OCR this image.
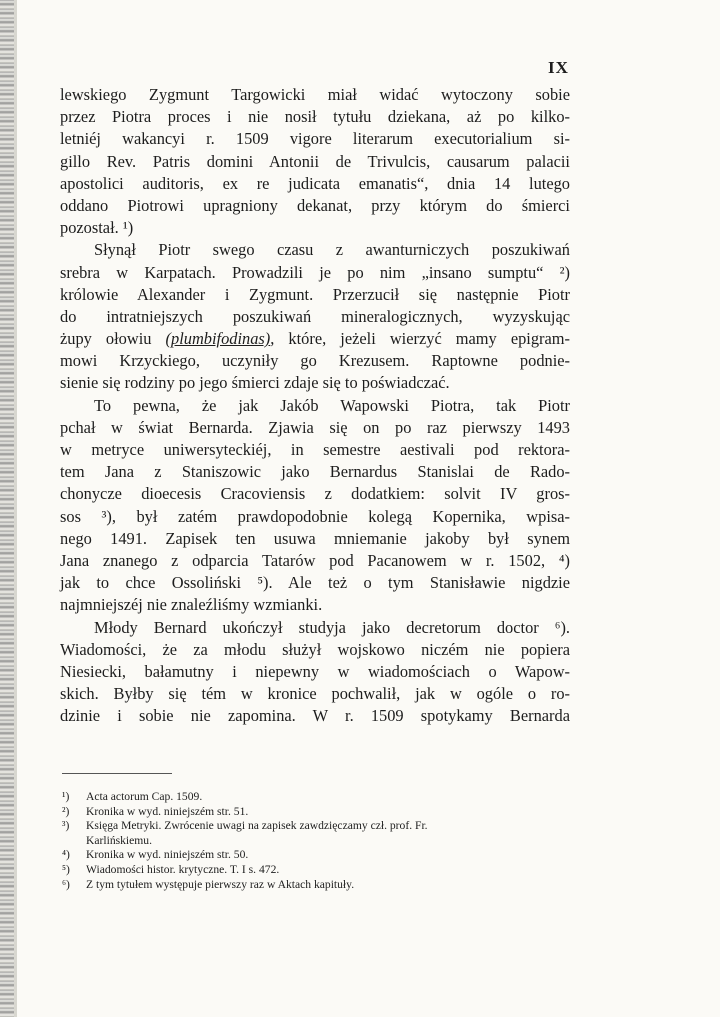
IX
lewskiego Zygmunt Targowicki miał widać wytoczony sobie
przez Piotra proces i nie nosił tytułu dziekana, aż po kilko-
letniéj wakancyi r. 1509 vigore literarum executorialium si-
gillo Rev. Patris domini Antonii de Trivulcis, causarum palacii
apostolici auditoris, ex re judicata emanatis“, dnia 14 lutego
oddano Piotrowi upragniony dekanat, przy którym do śmierci
pozostał. ¹)
Słynął Piotr swego czasu z awanturniczych poszukiwań
srebra w Karpatach. Prowadzili je po nim „insano sumptu“ ²)
królowie Alexander i Zygmunt. Przerzucił się następnie Piotr
do intratniejszych poszukiwań mineralogicznych, wyzyskując
żupy ołowiu (plumbifodinas), które, jeżeli wierzyć mamy epigram-
mowi Krzyckiego, uczyniły go Krezusem. Raptowne podnie-
sienie się rodziny po jego śmierci zdaje się to poświadczać.
To pewna, że jak Jakób Wapowski Piotra, tak Piotr
pchał w świat Bernarda. Zjawia się on po raz pierwszy 1493
w metryce uniwersyteckiéj, in semestre aestivali pod rektora-
tem Jana z Staniszowic jako Bernardus Stanislai de Rado-
chonycze dioecesis Cracoviensis z dodatkiem: solvit IV gros-
sos ³), był zatém prawdopodobnie kolegą Kopernika, wpisa-
nego 1491. Zapisek ten usuwa mniemanie jakoby był synem
Jana znanego z odparcia Tatarów pod Pacanowem w r. 1502, ⁴)
jak to chce Ossoliński ⁵). Ale też o tym Stanisławie nigdzie
najmniejszéj nie znaleźliśmy wzmianki.
Młody Bernard ukończył studyja jako decretorum doctor ⁶).
Wiadomości, że za młodu służył wojskowo niczém nie popiera
Niesiecki, bałamutny i niepewny w wiadomościach o Wapow-
skich. Byłby się tém w kronice pochwalił, jak w ogóle o ro-
dzinie i sobie nie zapomina. W r. 1509 spotykamy Bernarda
¹) Acta actorum Cap. 1509.
²) Kronika w wyd. niniejszém str. 51.
³) Księga Metryki. Zwrócenie uwagi na zapisek zawdzięczamy czł. prof. Fr.
Karlińskiemu.
⁴) Kronika w wyd. niniejszém str. 50.
⁵) Wiadomości histor. krytyczne. T. I s. 472.
⁶) Z tym tytułem występuje pierwszy raz w Aktach kapituły.
